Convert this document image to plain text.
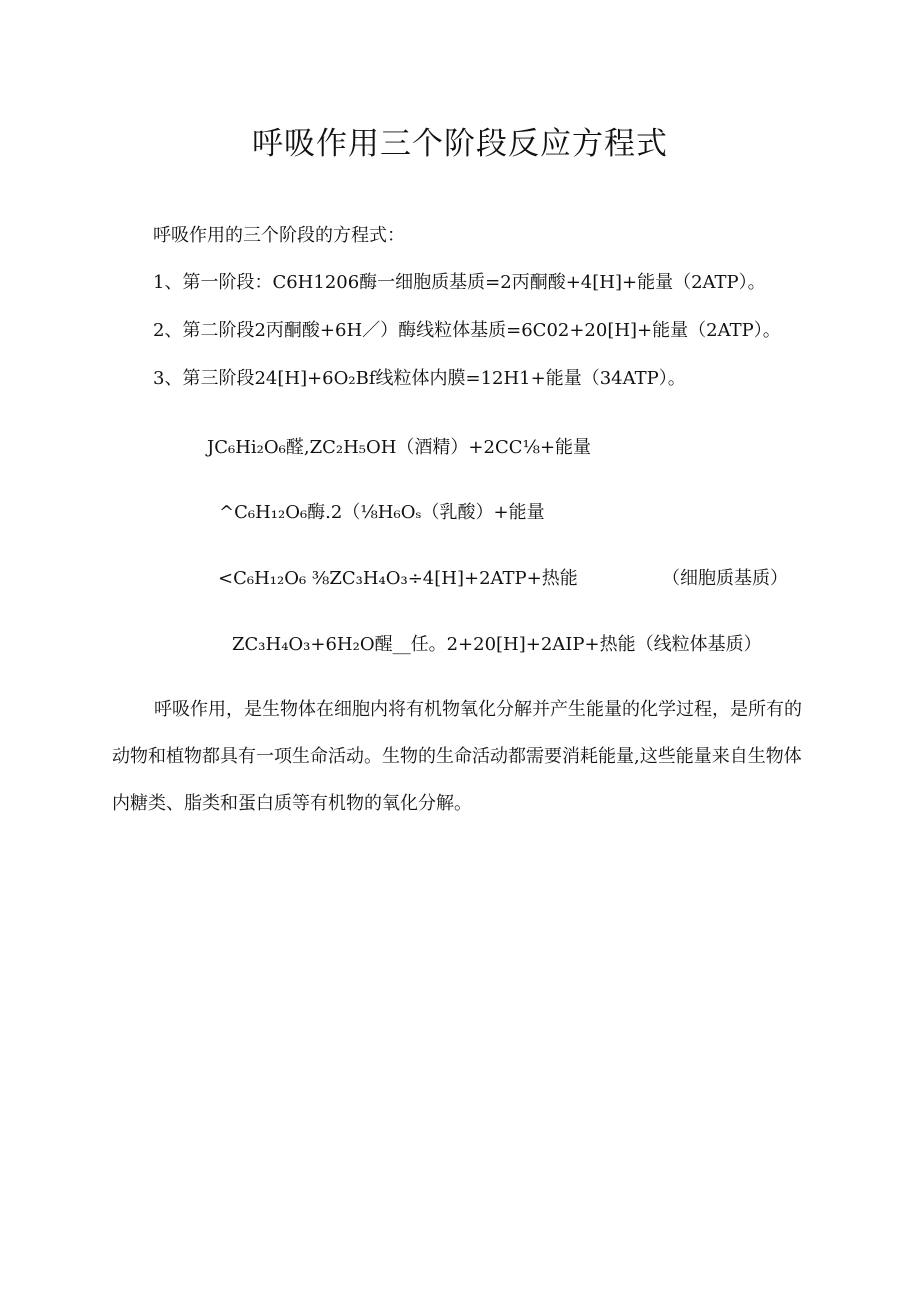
呼吸作用三个阶段反应方程式
呼吸作用的三个阶段的方程式：
1、第一阶段：C6H1206酶一细胞质基质=2丙酮酸+4[H]+能量（2ATP）。
2、第二阶段2丙酮酸+6H／）酶线粒体基质=6C02+20[H]+能量（2ATP）。
3、第三阶段24[H]+6O₂Bf线粒体内膜=12H1+能量（34ATP）。
JC₆Hi₂O₆醛,ZC₂H₅OH（酒精）+2CC⅛+能量
^C₆H₁₂O₆酶.2（⅛H₆Oₛ（乳酸）+能量
<C₆H₁₂O₆ ⅜ZC₃H₄O₃÷4[H]+2ATP+热能	（细胞质基质）
ZC₃H₄O₃+6H₂O醒__任。2+20[H]+2AIP+热能（线粒体基质）
呼吸作用，是生物体在细胞内将有机物氧化分解并产生能量的化学过程，是所有的动物和植物都具有一项生命活动。生物的生命活动都需要消耗能量,这些能量来自生物体内糖类、脂类和蛋白质等有机物的氧化分解。
